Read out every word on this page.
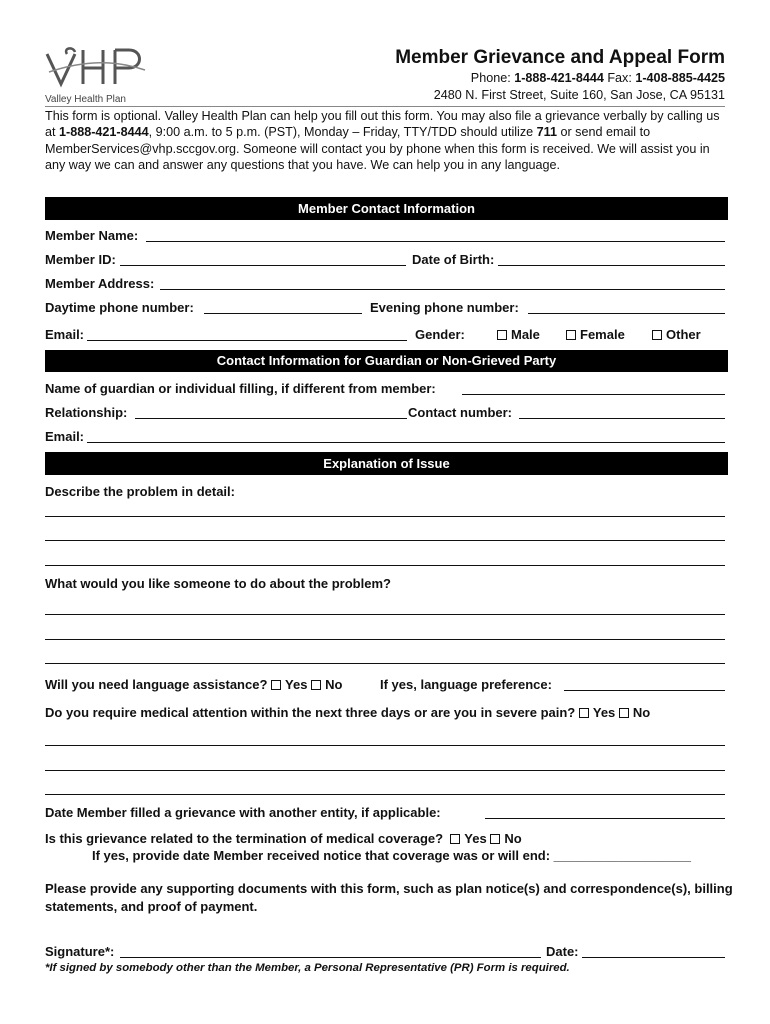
Valley Health Plan
Member Grievance and Appeal Form
Phone: 1-888-421-8444 Fax: 1-408-885-4425
2480 N. First Street, Suite 160, San Jose, CA 95131
This form is optional. Valley Health Plan can help you fill out this form. You may also file a grievance verbally by calling us at 1-888-421-8444, 9:00 a.m. to 5 p.m. (PST), Monday – Friday, TTY/TDD should utilize 711 or send email to MemberServices@vhp.sccgov.org. Someone will contact you by phone when this form is received. We will assist you in any way we can and answer any questions that you have. We can help you in any language.
Member Contact Information
Member Name:
Member ID:	Date of Birth:
Member Address:
Daytime phone number:	Evening phone number:
Email:	Gender:	Male	Female	Other
Contact Information for Guardian or Non-Grieved Party
Name of guardian or individual filling, if different from member:
Relationship:	Contact number:
Email:
Explanation of Issue
Describe the problem in detail:
What would you like someone to do about the problem?
Will you need language assistance? Yes No	If yes, language preference:
Do you require medical attention within the next three days or are you in severe pain? Yes No
Date Member filled a grievance with another entity, if applicable:
Is this grievance related to the termination of medical coverage? Yes No
If yes, provide date Member received notice that coverage was or will end: ___________________
Please provide any supporting documents with this form, such as plan notice(s) and correspondence(s), billing statements, and proof of payment.
Signature*:	Date:
*If signed by somebody other than the Member, a Personal Representative (PR) Form is required.
